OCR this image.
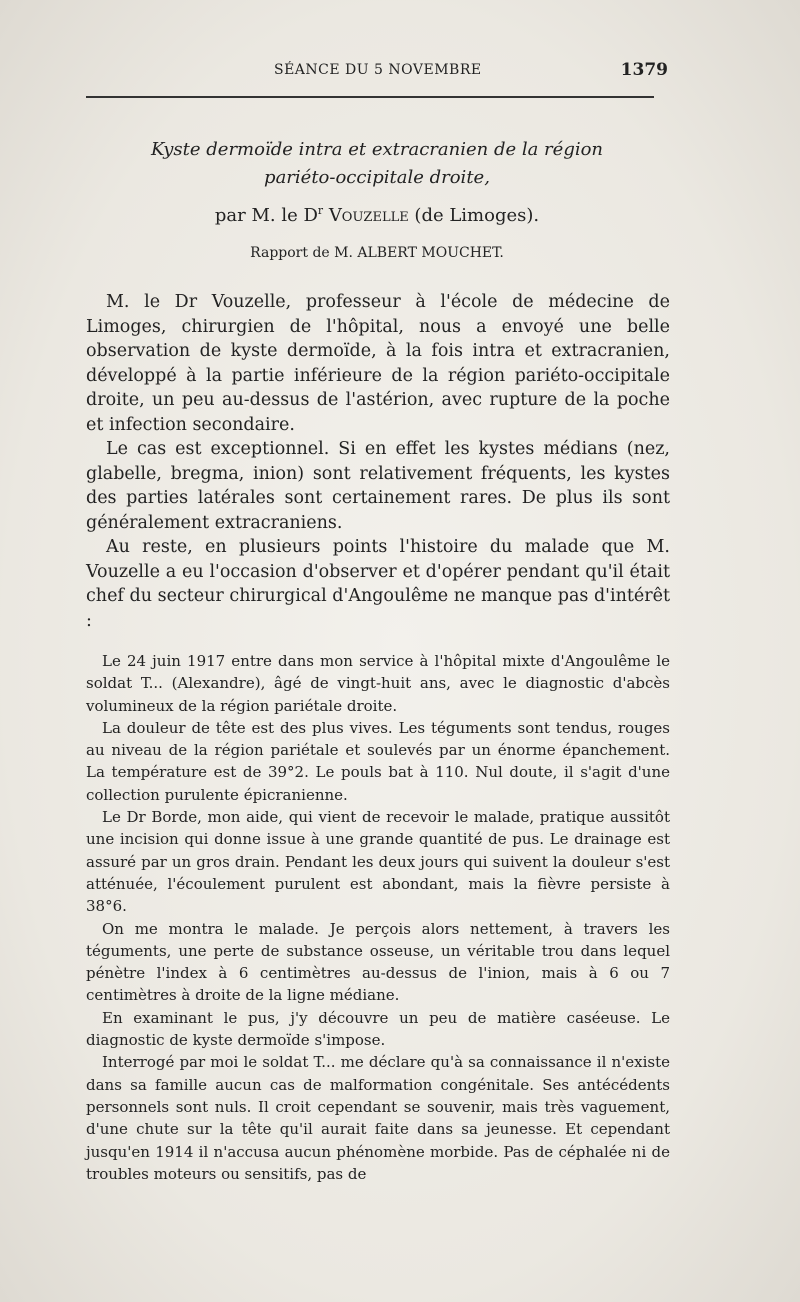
SÉANCE DU 5 NOVEMBRE	1379
Kyste dermoïde intra et extracranien de la région
pariéto-occipitale droite,
par M. le $D^r$ Vouzelle (de Limoges).
Rapport de M. ALBERT MOUCHET.

M. le Dr Vouzelle, professeur à l'école de médecine de Limoges, chirurgien de l'hôpital, nous a envoyé une belle observation de kyste dermoïde, à la fois intra et extracranien, développé à la partie inférieure de la région pariéto-occipitale droite, un peu au-dessus de l'astérion, avec rupture de la poche et infection secondaire.

Le cas est exceptionnel. Si en effet les kystes médians (nez, glabelle, bregma, inion) sont relativement fréquents, les kystes des parties latérales sont certainement rares. De plus ils sont généralement extracraniens.

Au reste, en plusieurs points l'histoire du malade que M. Vouzelle a eu l'occasion d'observer et d'opérer pendant qu'il était chef du secteur chirurgical d'Angoulême ne manque pas d'intérêt :

Le 24 juin 1917 entre dans mon service à l'hôpital mixte d'Angoulême le soldat T... (Alexandre), âgé de vingt-huit ans, avec le diagnostic d'abcès volumineux de la région pariétale droite.

La douleur de tête est des plus vives. Les téguments sont tendus, rouges au niveau de la région pariétale et soulevés par un énorme épanchement. La température est de 39°2. Le pouls bat à 110. Nul doute, il s'agit d'une collection purulente épicranienne.

Le Dr Borde, mon aide, qui vient de recevoir le malade, pratique aussitôt une incision qui donne issue à une grande quantité de pus. Le drainage est assuré par un gros drain. Pendant les deux jours qui suivent la douleur s'est atténuée, l'écoulement purulent est abondant, mais la fièvre persiste à 38°6.

On me montra le malade. Je perçois alors nettement, à travers les téguments, une perte de substance osseuse, un véritable trou dans lequel pénètre l'index à 6 centimètres au-dessus de l'inion, mais à 6 ou 7 centimètres à droite de la ligne médiane.

En examinant le pus, j'y découvre un peu de matière caséeuse. Le diagnostic de kyste dermoïde s'impose.

Interrogé par moi le soldat T... me déclare qu'à sa connaissance il n'existe dans sa famille aucun cas de malformation congénitale. Ses antécédents personnels sont nuls. Il croit cependant se souvenir, mais très vaguement, d'une chute sur la tête qu'il aurait faite dans sa jeunesse. Et cependant jusqu'en 1914 il n'accusa aucun phénomène morbide. Pas de céphalée ni de troubles moteurs ou sensitifs, pas de
